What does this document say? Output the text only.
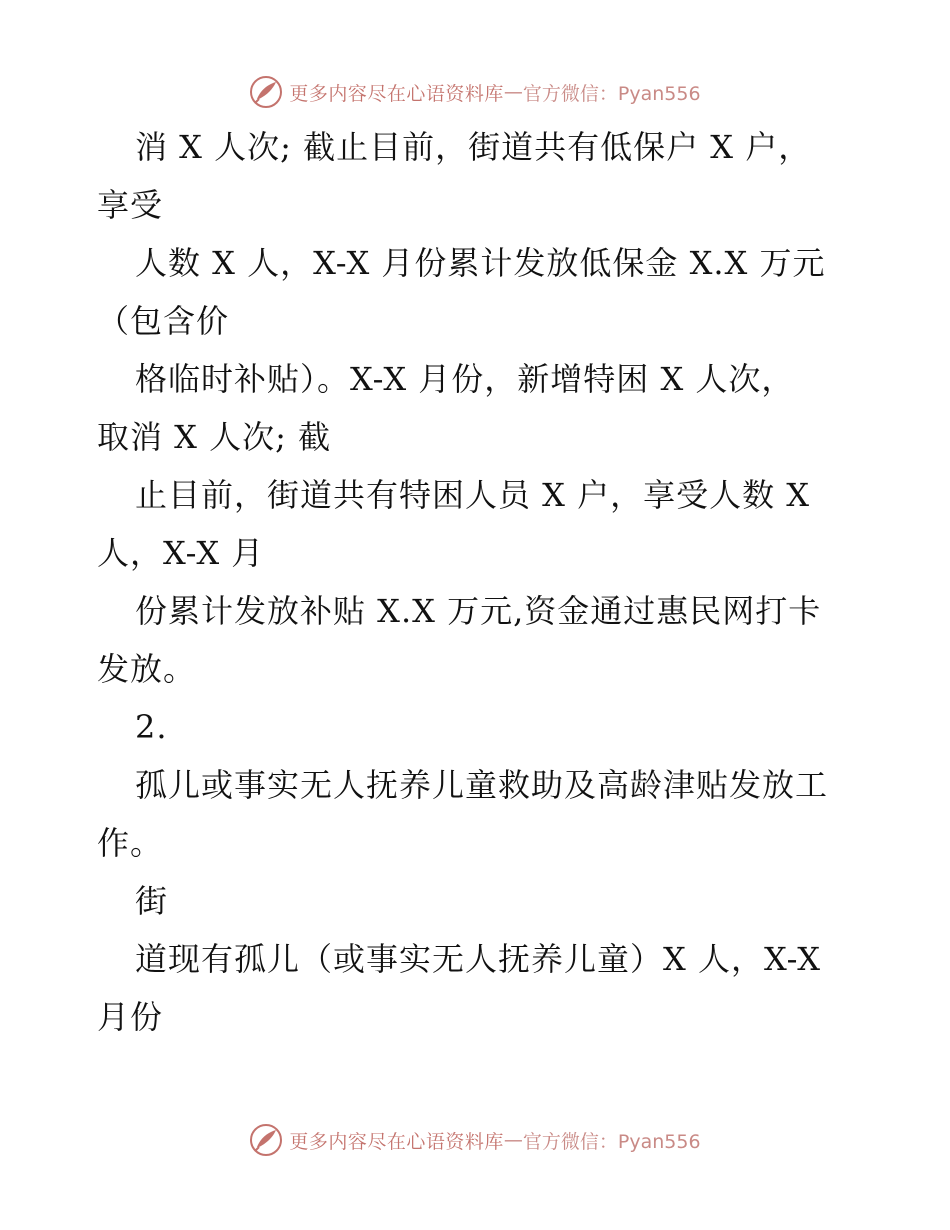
更多内容尽在心语资料库 — 官方微信：Pyan556
消 X 人次; 截止目前，街道共有低保户 X 户，
享受
人数 X 人，X-X 月份累计发放低保金 X.X 万元
（包含价
格临时补贴）。X-X 月份，新增特困 X 人次，
取消 X 人次; 截
止目前，街道共有特困人员 X 户，享受人数 X
人，X-X 月
份累计发放补贴 X.X 万元,资金通过惠民网打卡
发放。
2.
孤儿或事实无人抚养儿童救助及高龄津贴发放工
作。
街
道现有孤儿（或事实无人抚养儿童）X 人，X-X
月份
更多内容尽在心语资料库 — 官方微信：Pyan556
